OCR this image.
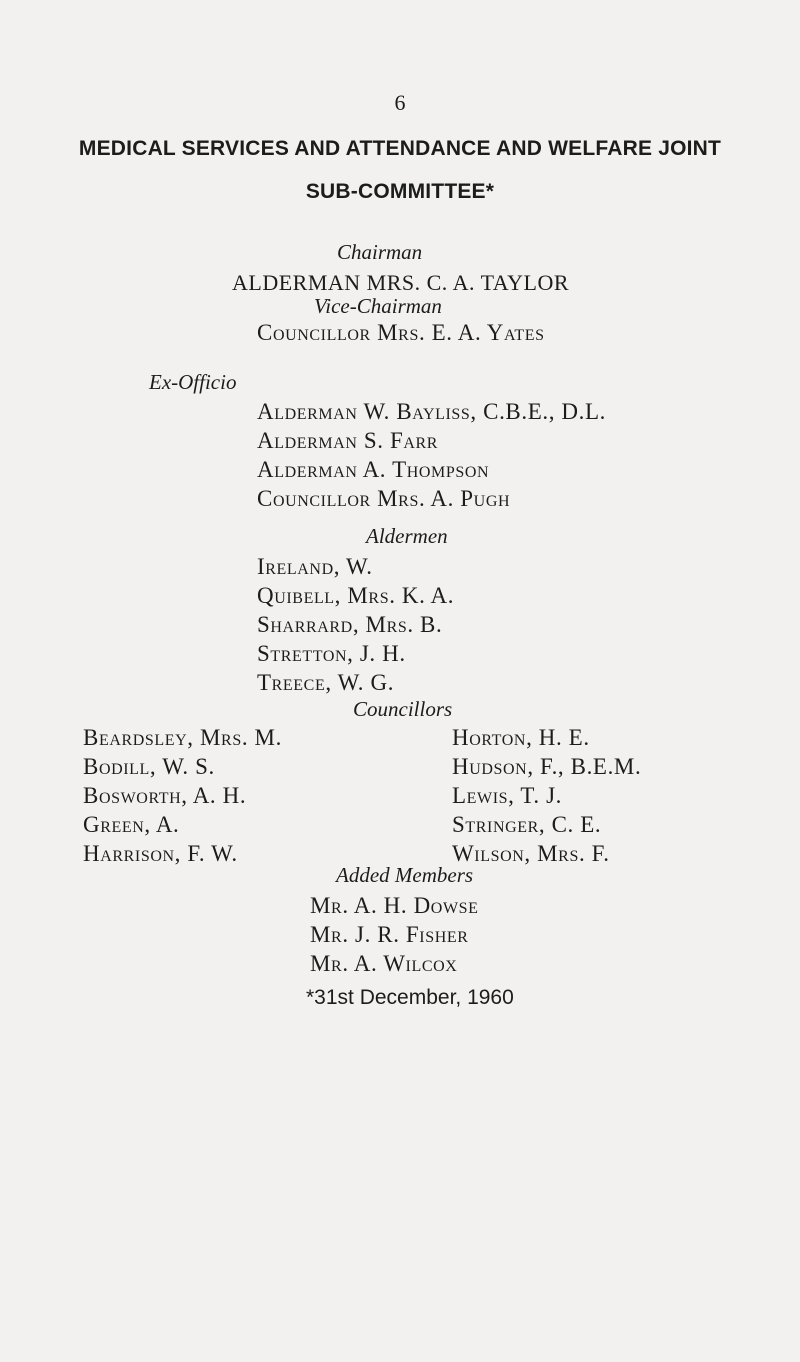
6
MEDICAL SERVICES AND ATTENDANCE AND WELFARE JOINT
SUB-COMMITTEE*
Chairman
ALDERMAN MRS. C. A. TAYLOR
Vice-Chairman
Councillor Mrs. E. A. Yates
Ex-Officio
Alderman W. Bayliss, C.B.E., D.L.
Alderman S. Farr
Alderman A. Thompson
Councillor Mrs. A. Pugh
Aldermen
Ireland, W.
Quibell, Mrs. K. A.
Sharrard, Mrs. B.
Stretton, J. H.
Treece, W. G.
Councillors
Beardsley, Mrs. M.
Bodill, W. S.
Bosworth, A. H.
Green, A.
Harrison, F. W.
Horton, H. E.
Hudson, F., B.E.M.
Lewis, T. J.
Stringer, C. E.
Wilson, Mrs. F.
Added Members
Mr. A. H. Dowse
Mr. J. R. Fisher
Mr. A. Wilcox
*31st December, 1960
